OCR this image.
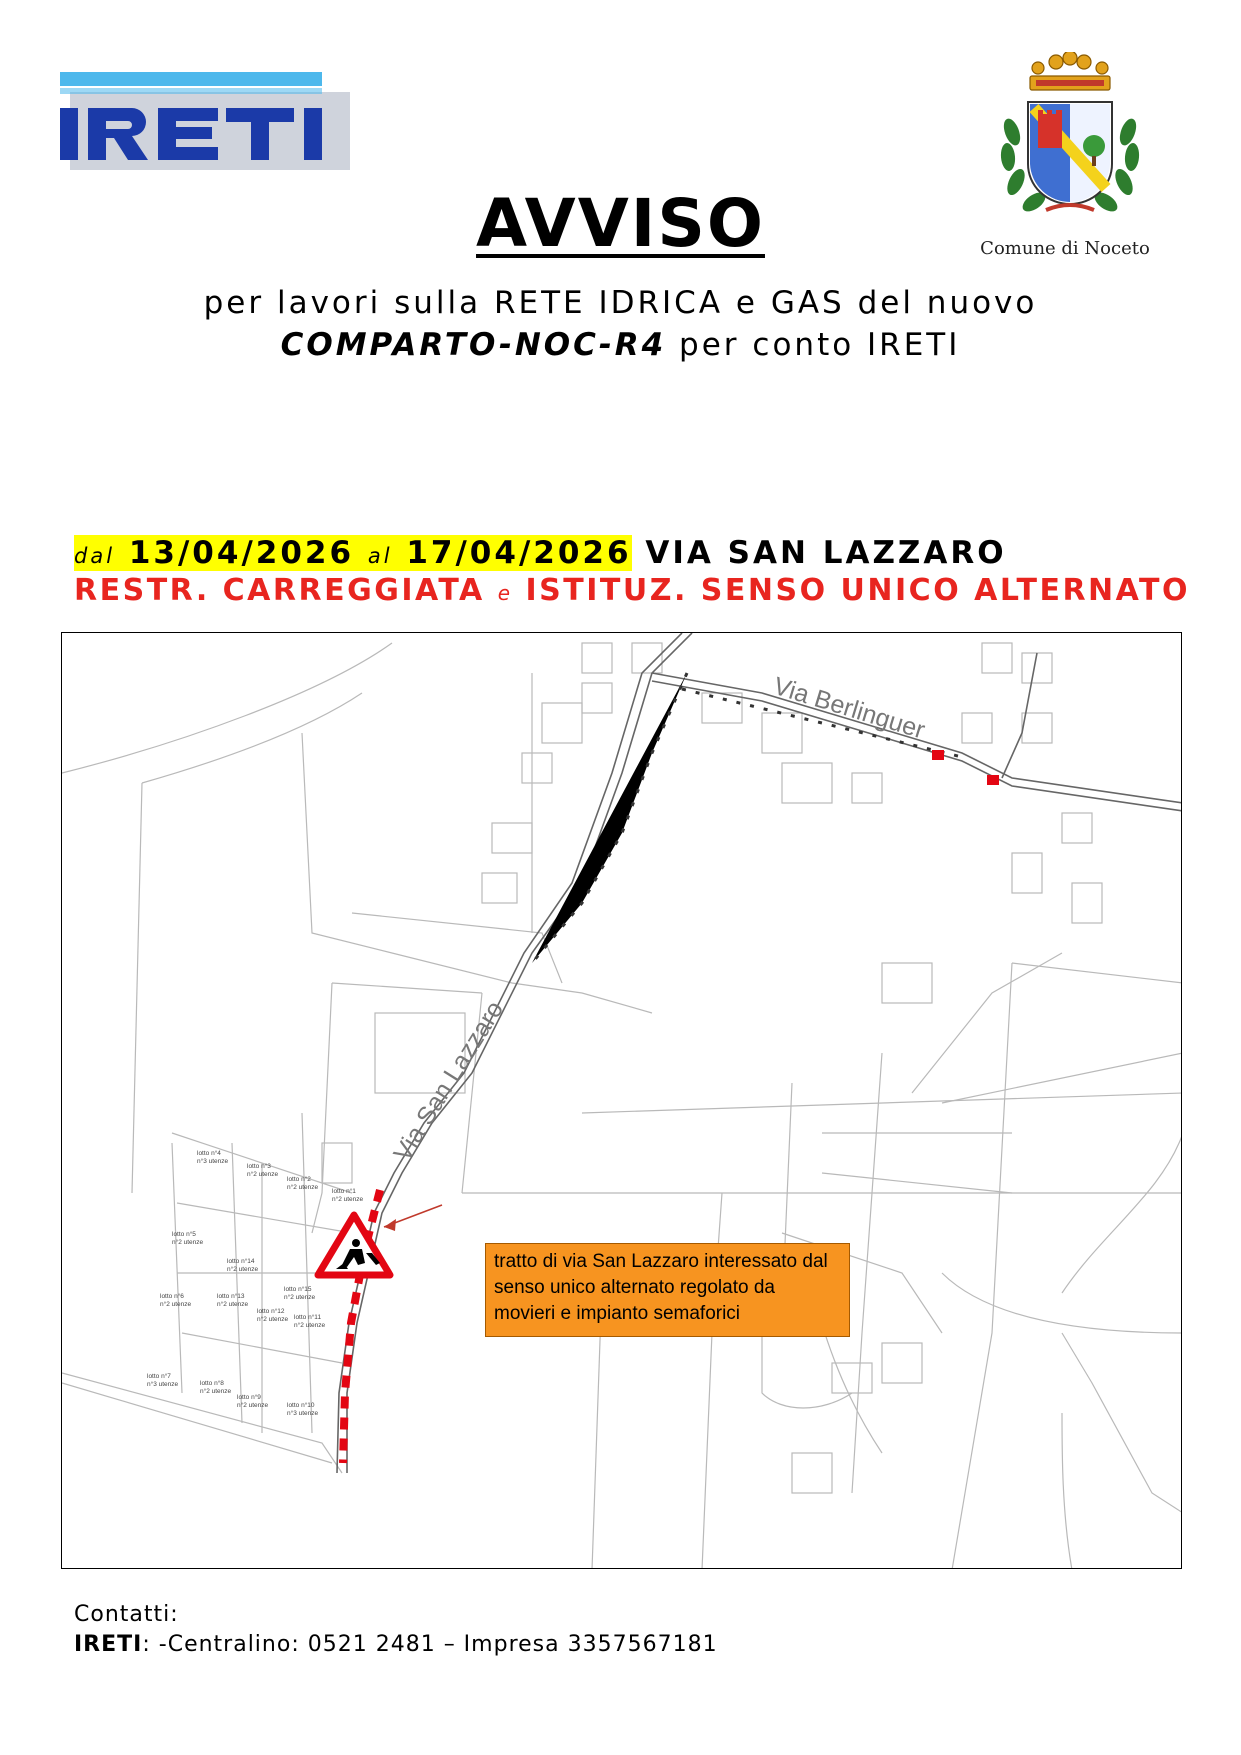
Comune di Noceto
AVVISO
per lavori sulla RETE IDRICA e GAS del nuovo
COMPARTO-NOC-R4 per conto IRETI
dal 13/04/2026 al 17/04/2026 VIA SAN LAZZARO
RESTR. CARREGGIATA e ISTITUZ. SENSO UNICO ALTERNATO
Via Berlinguer
Via San Lazzaro
lotto n°4
n°3 utenze
lotto n°3
n°2 utenze
lotto n°2
n°2 utenze
lotto n°1
n°2 utenze
lotto n°5
n°2 utenze
lotto n°14
n°2 utenze
lotto n°6
n°2 utenze
lotto n°13
n°2 utenze
lotto n°15
n°2 utenze
lotto n°12
n°2 utenze lotto n°11
n°2 utenze
lotto n°7
n°3 utenze	lotto n°8
n°2 utenze
lotto n°9
n°2 utenze	lotto n°10
n°3 utenze
tratto di via San Lazzaro interessato dal senso unico alternato regolato da movieri e impianto semaforici
Contatti:
IRETI: -Centralino: 0521 2481 – Impresa 3357567181
